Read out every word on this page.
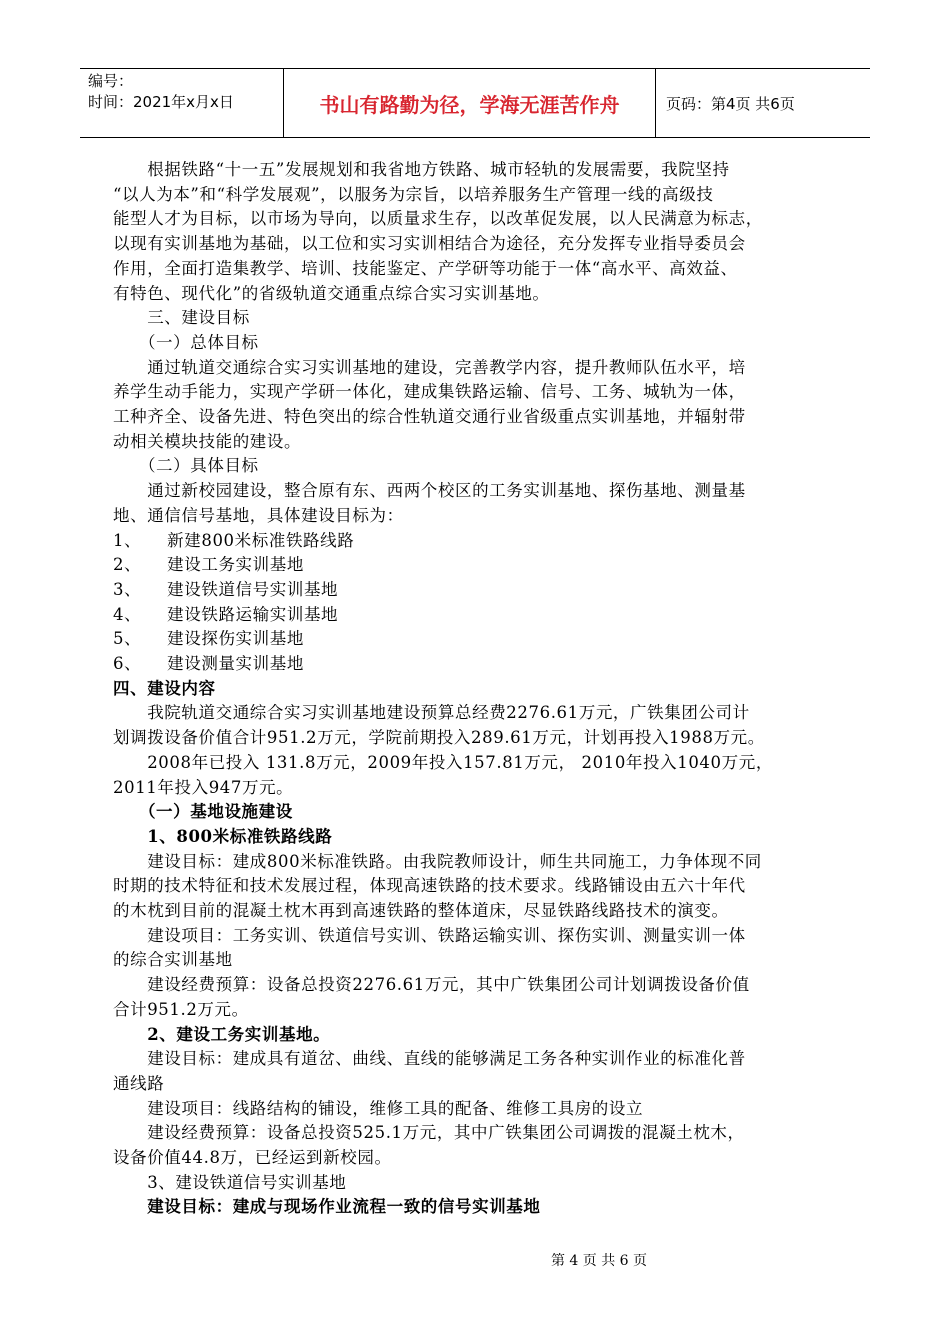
编号：
时间：2021年x月x日	书山有路勤为径，学海无涯苦作舟	页码：第4页 共6页
　　根据铁路“十一五”发展规划和我省地方铁路、城市轻轨的发展需要，我院坚持
“以人为本”和“科学发展观”，以服务为宗旨，以培养服务生产管理一线的高级技
能型人才为目标，以市场为导向，以质量求生存，以改革促发展，以人民满意为标志，
以现有实训基地为基础，以工位和实习实训相结合为途径，充分发挥专业指导委员会
作用，全面打造集教学、培训、技能鉴定、产学研等功能于一体“高水平、高效益、
有特色、现代化”的省级轨道交通重点综合实习实训基地。
　　三、建设目标
　　（一）总体目标
　　通过轨道交通综合实习实训基地的建设，完善教学内容，提升教师队伍水平，培
养学生动手能力，实现产学研一体化，建成集铁路运输、信号、工务、城轨为一体，
工种齐全、设备先进、特色突出的综合性轨道交通行业省级重点实训基地，并辐射带
动相关模块技能的建设。
　　（二）具体目标
　　通过新校园建设，整合原有东、西两个校区的工务实训基地、探伤基地、测量基
地、通信信号基地，具体建设目标为：
1、　　新建800米标准铁路线路
2、　　建设工务实训基地
3、　　建设铁道信号实训基地
4、　　建设铁路运输实训基地
5、　　建设探伤实训基地
6、　　建设测量实训基地
四、建设内容
　　我院轨道交通综合实习实训基地建设预算总经费2276.61万元，广铁集团公司计
划调拨设备价值合计951.2万元，学院前期投入289.61万元，计划再投入1988万元。
　　2008年已投入 131.8万元，2009年投入157.81万元， 2010年投入1040万元，
2011年投入947万元。
　　（一）基地设施建设
　　1、800米标准铁路线路
　　建设目标：建成800米标准铁路。由我院教师设计，师生共同施工，力争体现不同
时期的技术特征和技术发展过程，体现高速铁路的技术要求。线路铺设由五六十年代
的木枕到目前的混凝土枕木再到高速铁路的整体道床，尽显铁路线路技术的演变。
　　建设项目：工务实训、铁道信号实训、铁路运输实训、探伤实训、测量实训一体
的综合实训基地
　　建设经费预算：设备总投资2276.61万元，其中广铁集团公司计划调拨设备价值
合计951.2万元。
　　2、建设工务实训基地。
　　建设目标：建成具有道岔、曲线、直线的能够满足工务各种实训作业的标准化普
通线路
　　建设项目：线路结构的铺设，维修工具的配备、维修工具房的设立
　　建设经费预算：设备总投资525.1万元，其中广铁集团公司调拨的混凝土枕木，
设备价值44.8万，已经运到新校园。
　　3、建设铁道信号实训基地
　　建设目标：建成与现场作业流程一致的信号实训基地
第 4 页 共 6 页
